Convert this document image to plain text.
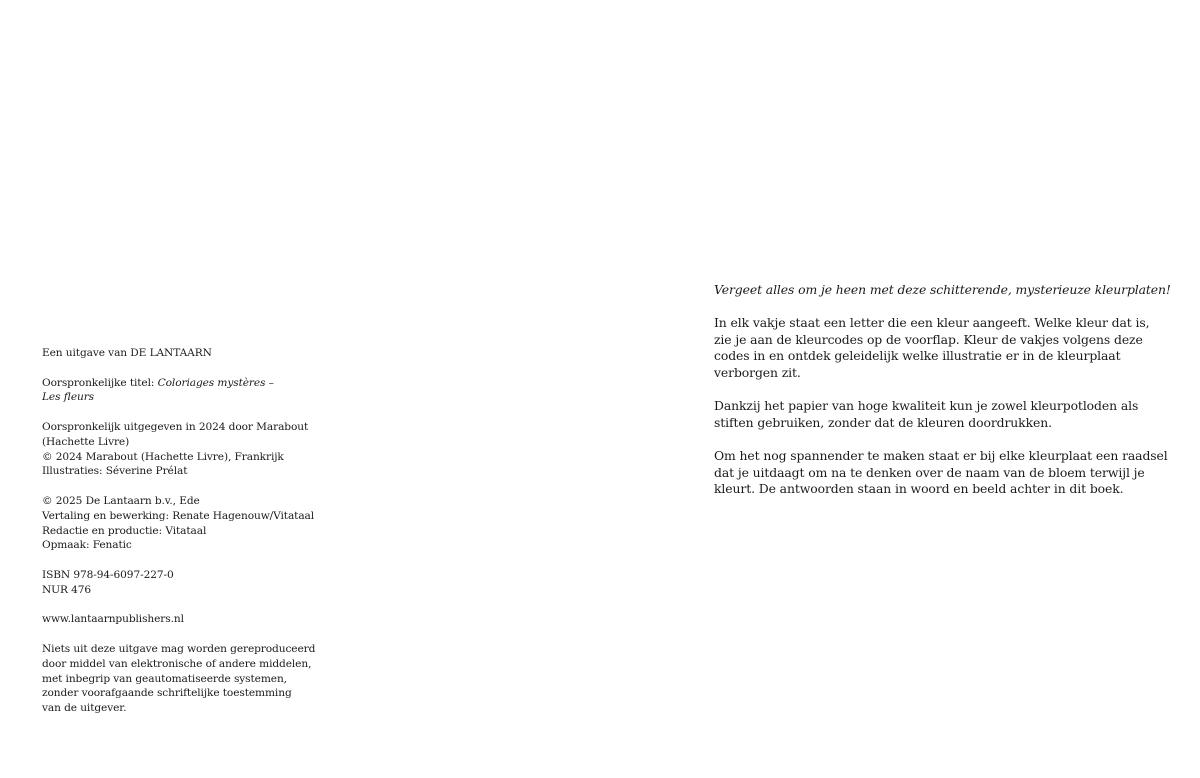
Een uitgave van DE LANTAARN
Oorspronkelijke titel: Coloriages mystères –
Les fleurs
Oorspronkelijk uitgegeven in 2024 door Marabout
(Hachette Livre)
© 2024 Marabout (Hachette Livre), Frankrijk
Illustraties: Séverine Prélat
© 2025 De Lantaarn b.v., Ede
Vertaling en bewerking: Renate Hagenouw/Vitataal
Redactie en productie: Vitataal
Opmaak: Fenatic
ISBN 978-94-6097-227-0
NUR 476
www.lantaarnpublishers.nl
Niets uit deze uitgave mag worden gereproduceerd
door middel van elektronische of andere middelen,
met inbegrip van geautomatiseerde systemen,
zonder voorafgaande schriftelijke toestemming
van de uitgever.

Vergeet alles om je heen met deze schitterende, mysterieuze kleurplaten!

In elk vakje staat een letter die een kleur aangeeft. Welke kleur dat is,
zie je aan de kleurcodes op de voorflap. Kleur de vakjes volgens deze
codes in en ontdek geleidelijk welke illustratie er in de kleurplaat
verborgen zit.

Dankzij het papier van hoge kwaliteit kun je zowel kleurpotloden als
stiften gebruiken, zonder dat de kleuren doordrukken.

Om het nog spannender te maken staat er bij elke kleurplaat een raadsel
dat je uitdaagt om na te denken over de naam van de bloem terwijl je
kleurt. De antwoorden staan in woord en beeld achter in dit boek.
